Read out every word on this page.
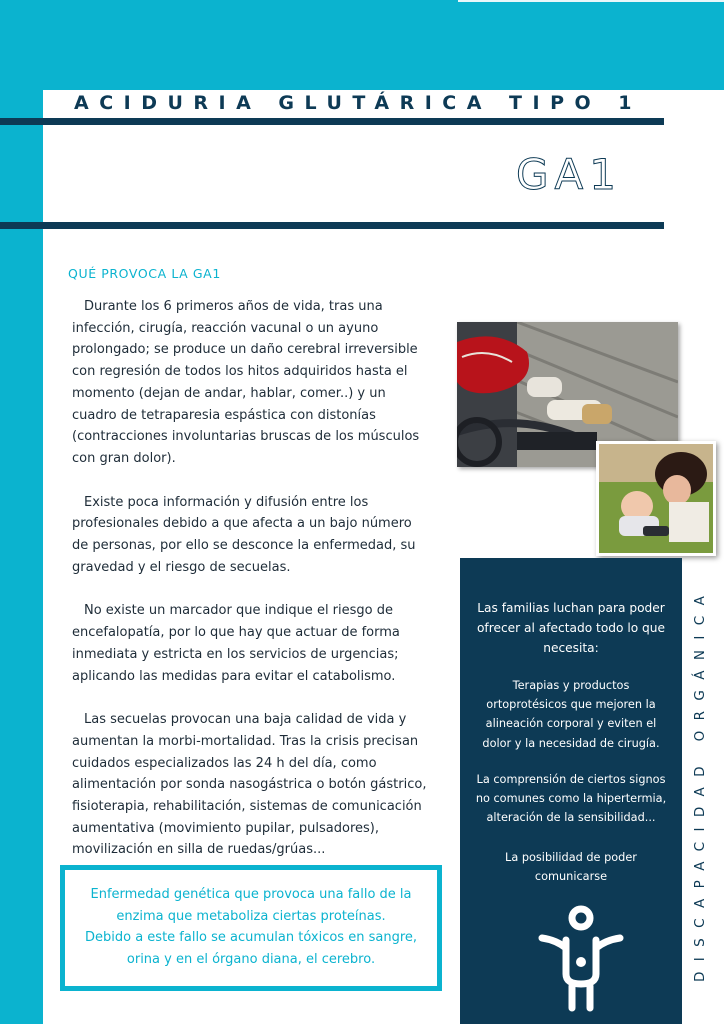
ACIDURIA GLUTÁRICA TIPO 1
GA1
QUÉ PROVOCA LA GA1

Durante los 6 primeros años de vida, tras una infección, cirugía, reacción vacunal o un ayuno prolongado; se produce un daño cerebral irreversible con regresión de todos los hitos adquiridos hasta el momento (dejan de andar, hablar, comer..) y un cuadro de tetraparesia espástica con distonías (contracciones involuntarias bruscas de los músculos con gran dolor).

Existe poca información y difusión entre los profesionales debido a que afecta a un bajo número de personas, por ello se desconce la enfermedad, su gravedad y el riesgo de secuelas.

No existe un marcador que indique el riesgo de encefalopatía, por lo que hay que actuar de forma inmediata y estricta en los servicios de urgencias; aplicando las medidas para evitar el catabolismo.

Las secuelas provocan una baja calidad de vida y aumentan la morbi-mortalidad. Tras la crisis precisan cuidados especializados las 24 h del día, como alimentación por sonda nasogástrica o botón gástrico, fisioterapia, rehabilitación, sistemas de comunicación aumentativa (movimiento pupilar, pulsadores), movilización en silla de ruedas/grúas...

Las familias luchan para poder ofrecer al afectado todo lo que necesita:
Terapias y productos ortoprotésicos que mejoren la alineación corporal y eviten el dolor y la necesidad de cirugía.
La comprensión de ciertos signos no comunes como la hipertermia, alteración de la sensibilidad...
La posibilidad de poder comunicarse	DISCAPACIDAD ORGÁNICA
Enfermedad genética que provoca una fallo de la enzima que metaboliza ciertas proteínas.
Debido a este fallo se acumulan tóxicos en sangre, orina y en el órgano diana, el cerebro.
